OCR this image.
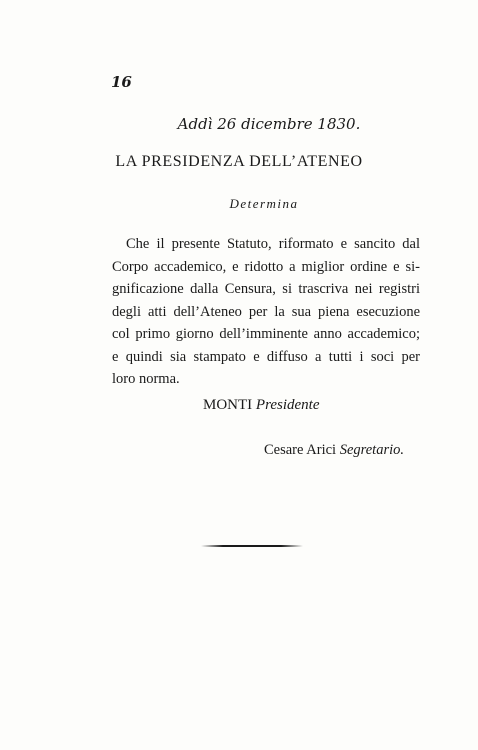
16
Addì 26 dicembre 1830.
LA PRESIDENZA DELL’ATENEO
Determina
Che il presente Statuto, riformato e sancito dal
Corpo accademico, e ridotto a miglior ordine e si-
gnificazione dalla Censura, si trascriva nei registri
degli atti dell’Ateneo per la sua piena esecuzione
col primo giorno dell’imminente anno accademico;
e quindi sia stampato e diffuso a tutti i soci per
loro norma.
MONTI Presidente
Cesare Arici Segretario.
